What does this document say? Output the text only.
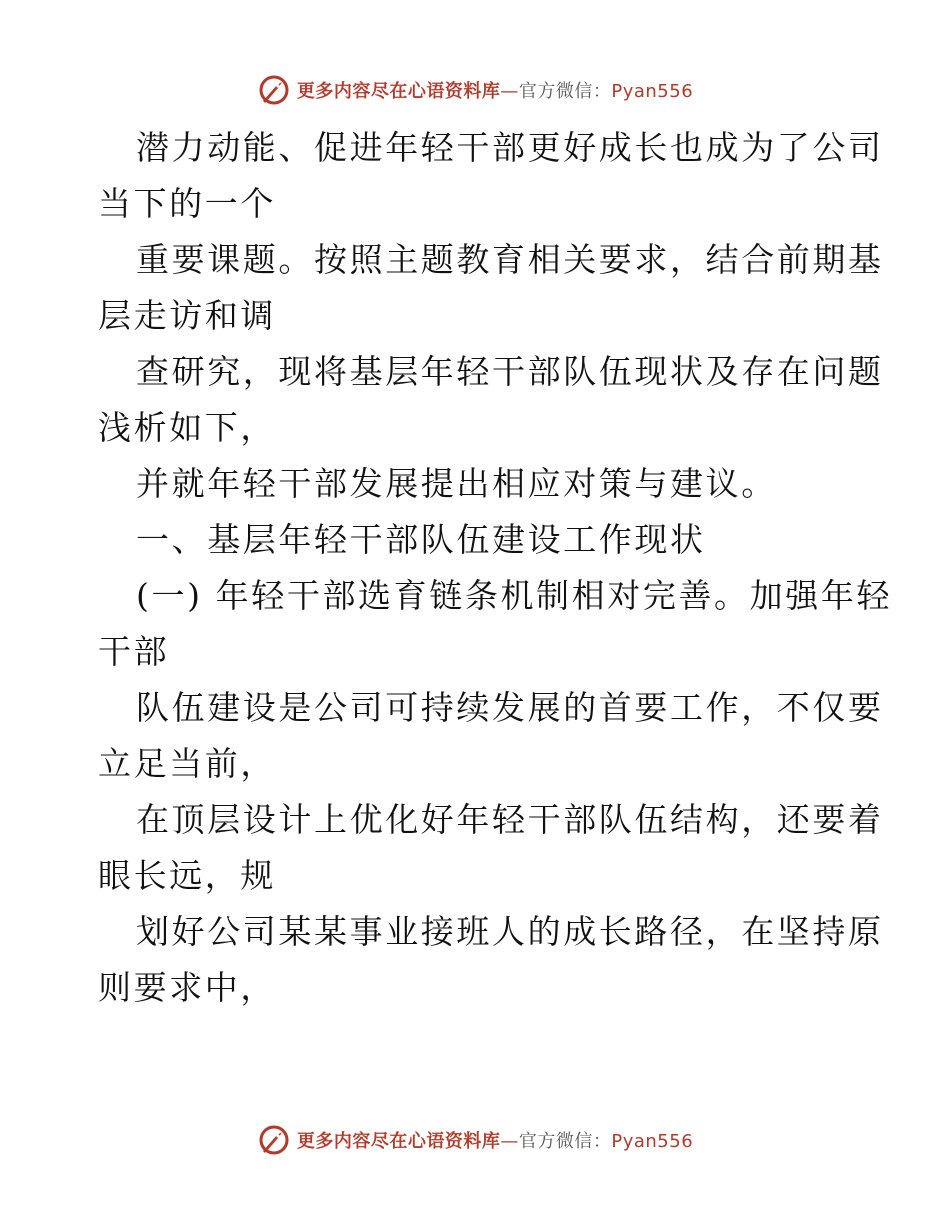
更多内容尽在心语资料库—官方微信：Pyan556
潜力动能、促进年轻干部更好成长也成为了公司
当下的一个
重要课题。按照主题教育相关要求，结合前期基
层走访和调
查研究，现将基层年轻干部队伍现状及存在问题
浅析如下，
并就年轻干部发展提出相应对策与建议。
一、基层年轻干部队伍建设工作现状
(一) 年轻干部选育链条机制相对完善。加强年轻
干部
队伍建设是公司可持续发展的首要工作，不仅要
立足当前，
在顶层设计上优化好年轻干部队伍结构，还要着
眼长远，规
划好公司某某事业接班人的成长路径，在坚持原
则要求中，
更多内容尽在心语资料库—官方微信：Pyan556
